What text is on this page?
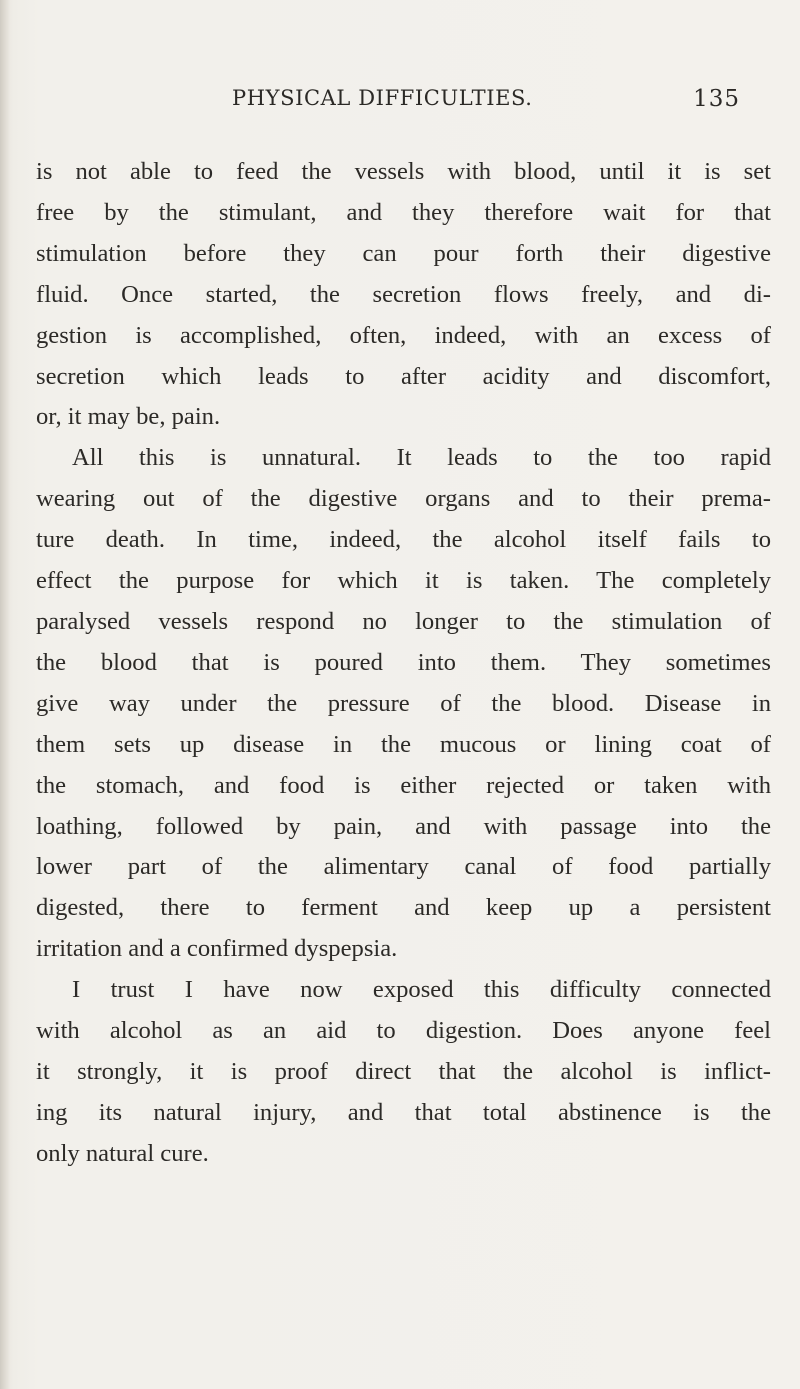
PHYSICAL DIFFICULTIES.	135

is not able to feed the vessels with blood, until it is set
free by the stimulant, and they therefore wait for that
stimulation before they can pour forth their digestive
fluid. Once started, the secretion flows freely, and di-
gestion is accomplished, often, indeed, with an excess of
secretion which leads to after acidity and discomfort,
or, it may be, pain.

All this is unnatural. It leads to the too rapid
wearing out of the digestive organs and to their prema-
ture death. In time, indeed, the alcohol itself fails to
effect the purpose for which it is taken. The completely
paralysed vessels respond no longer to the stimulation of
the blood that is poured into them. They sometimes
give way under the pressure of the blood. Disease in
them sets up disease in the mucous or lining coat of
the stomach, and food is either rejected or taken with
loathing, followed by pain, and with passage into the
lower part of the alimentary canal of food partially
digested, there to ferment and keep up a persistent
irritation and a confirmed dyspepsia.

I trust I have now exposed this difficulty connected
with alcohol as an aid to digestion. Does anyone feel
it strongly, it is proof direct that the alcohol is inflict-
ing its natural injury, and that total abstinence is the
only natural cure.
